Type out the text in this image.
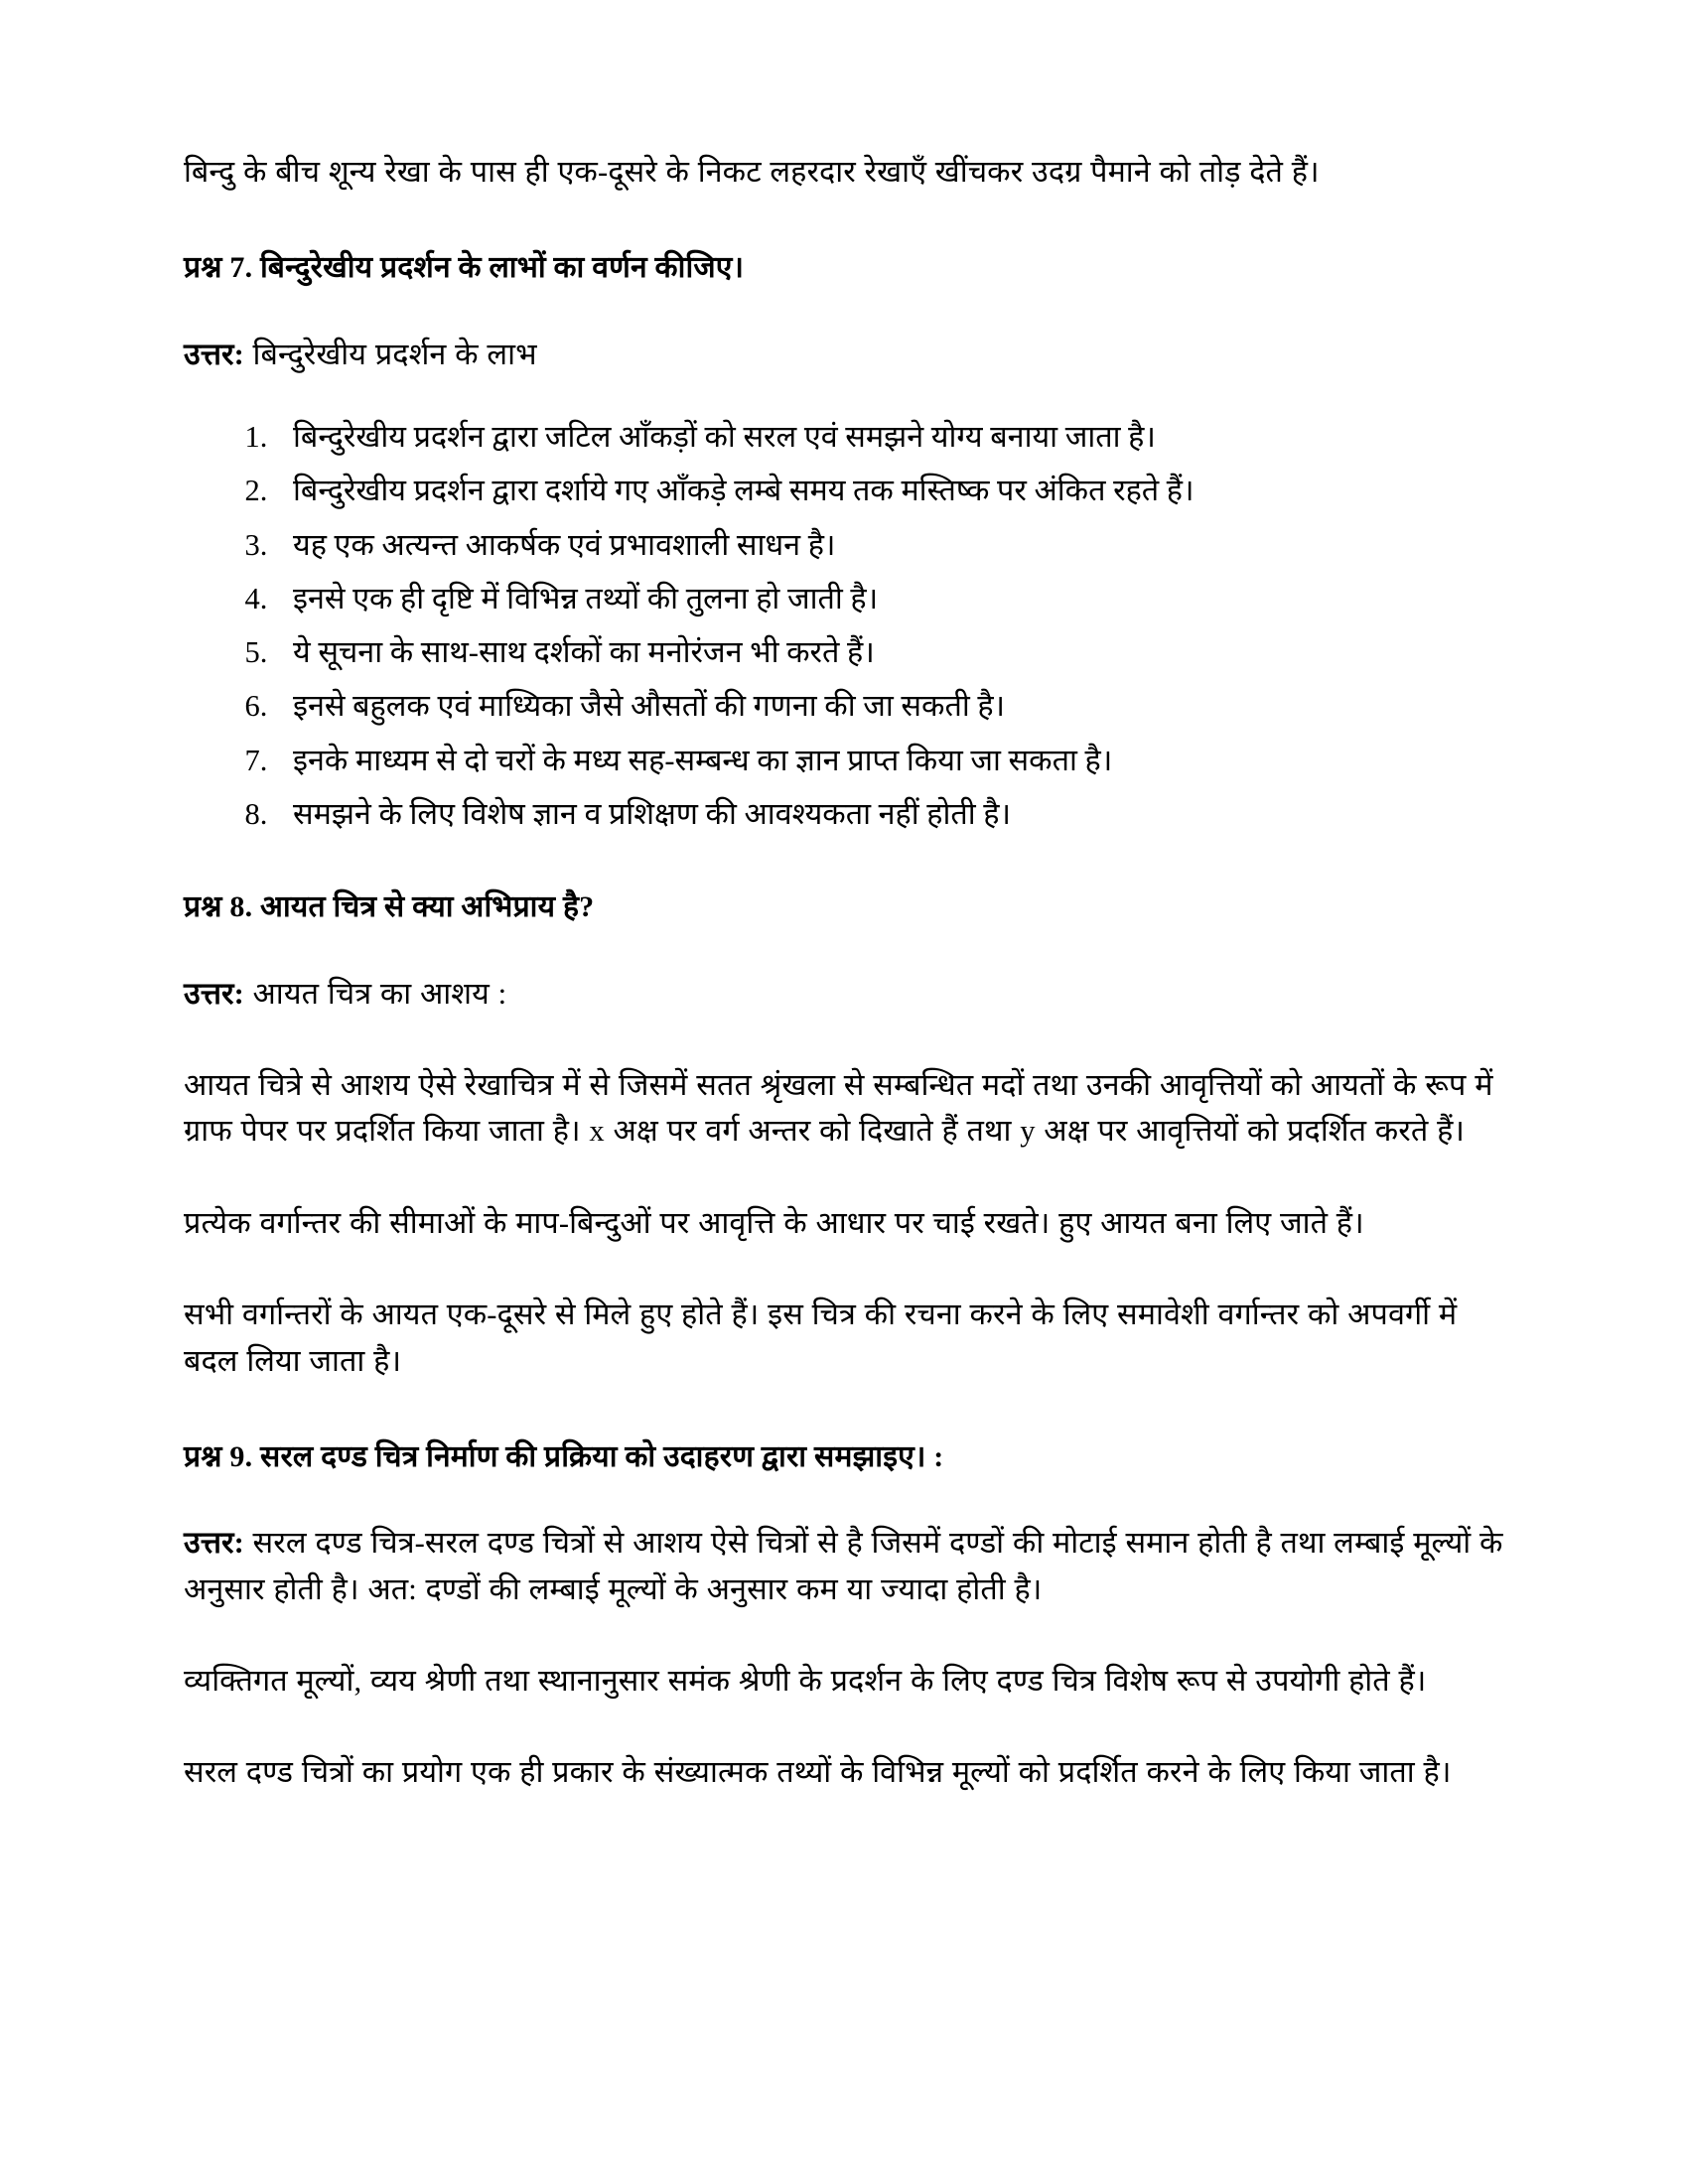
बिन्दु के बीच शून्य रेखा के पास ही एक-दूसरे के निकट लहरदार रेखाएँ खींचकर उदग्र पैमाने को तोड़ देते हैं।

प्रश्न 7. बिन्दुरेखीय प्रदर्शन के लाभों का वर्णन कीजिए।

उत्तर: बिन्दुरेखीय प्रदर्शन के लाभ

1. बिन्दुरेखीय प्रदर्शन द्वारा जटिल आँकड़ों को सरल एवं समझने योग्य बनाया जाता है।
2. बिन्दुरेखीय प्रदर्शन द्वारा दर्शाये गए आँकड़े लम्बे समय तक मस्तिष्क पर अंकित रहते हैं।
3. यह एक अत्यन्त आकर्षक एवं प्रभावशाली साधन है।
4. इनसे एक ही दृष्टि में विभिन्न तथ्यों की तुलना हो जाती है।
5. ये सूचना के साथ-साथ दर्शकों का मनोरंजन भी करते हैं।
6. इनसे बहुलक एवं माध्यिका जैसे औसतों की गणना की जा सकती है।
7. इनके माध्यम से दो चरों के मध्य सह-सम्बन्ध का ज्ञान प्राप्त किया जा सकता है।
8. समझने के लिए विशेष ज्ञान व प्रशिक्षण की आवश्यकता नहीं होती है।
प्रश्न 8. आयत चित्र से क्या अभिप्राय है?

उत्तर: आयत चित्र का आशय :

आयत चित्रे से आशय ऐसे रेखाचित्र में से जिसमें सतत श्रृंखला से सम्बन्धित मदों तथा उनकी आवृत्तियों को आयतों के रूप में ग्राफ पेपर पर प्रदर्शित किया जाता है। x अक्ष पर वर्ग अन्तर को दिखाते हैं तथा y अक्ष पर आवृत्तियों को प्रदर्शित करते हैं।

प्रत्येक वर्गान्तर की सीमाओं के माप-बिन्दुओं पर आवृत्ति के आधार पर चाई रखते। हुए आयत बना लिए जाते हैं।

सभी वर्गान्तरों के आयत एक-दूसरे से मिले हुए होते हैं। इस चित्र की रचना करने के लिए समावेशी वर्गान्तर को अपवर्गी में बदल लिया जाता है।

प्रश्न 9. सरल दण्ड चित्र निर्माण की प्रक्रिया को उदाहरण द्वारा समझाइए। :

उत्तर: सरल दण्ड चित्र-सरल दण्ड चित्रों से आशय ऐसे चित्रों से है जिसमें दण्डों की मोटाई समान होती है तथा लम्बाई मूल्यों के अनुसार होती है। अत: दण्डों की लम्बाई मूल्यों के अनुसार कम या ज्यादा होती है।

व्यक्तिगत मूल्यों, व्यय श्रेणी तथा स्थानानुसार समंक श्रेणी के प्रदर्शन के लिए दण्ड चित्र विशेष रूप से उपयोगी होते हैं।

सरल दण्ड चित्रों का प्रयोग एक ही प्रकार के संख्यात्मक तथ्यों के विभिन्न मूल्यों को प्रदर्शित करने के लिए किया जाता है।
